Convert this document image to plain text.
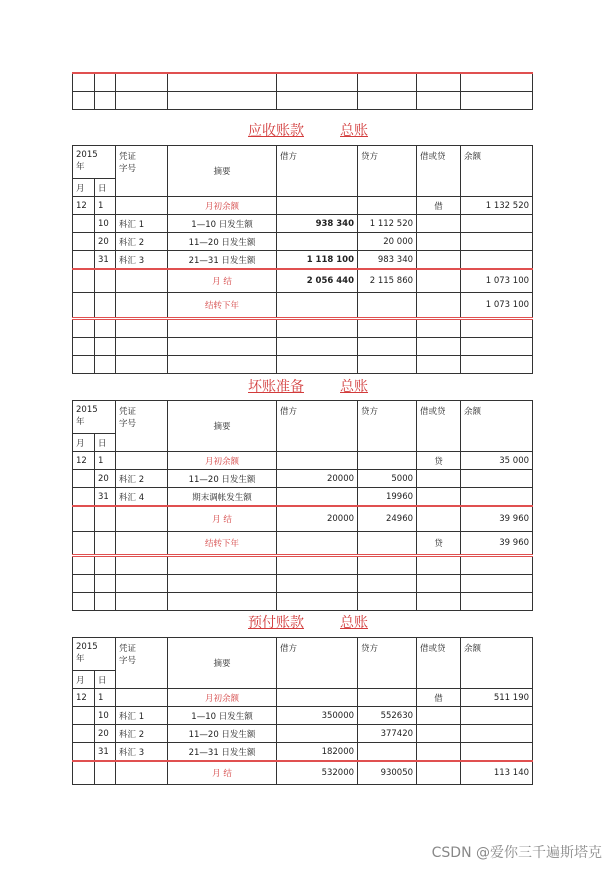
应收账款	总账
2015
年		凭证
字号	摘要	借方	贷方	借或贷	余额
月	日						
12	1		月初余额			借	1 132 520
	10	科汇 1	1—10 日发生额	938 340	1 112 520		
	20	科汇 2	11—20 日发生额		20 000		
	31	科汇 3	21—31 日发生额	1 118 100	983 340		
			月 结	2 056 440	2 115 860		1 073 100
			结转下年				1 073 100

坏账准备	总账
2015
年		凭证
字号	摘要	借方	贷方	借或贷	余额
月	日						
12	1		月初余额			贷	35 000
	20	科汇 2	11—20 日发生额	20000	5000		
	31	科汇 4	期末调帐发生额		19960		
			月 结	20000	24960		39 960
			结转下年			贷	39 960

预付账款	总账
2015
年		凭证
字号	摘要	借方	贷方	借或贷	余额
月	日						
12	1		月初余额			借	511 190
	10	科汇 1	1—10 日发生额	350000	552630		
	20	科汇 2	11—20 日发生额		377420		
	31	科汇 3	21—31 日发生额	182000			
			月 结	532000	930050		113 140
CSDN @爱你三千遍斯塔克
